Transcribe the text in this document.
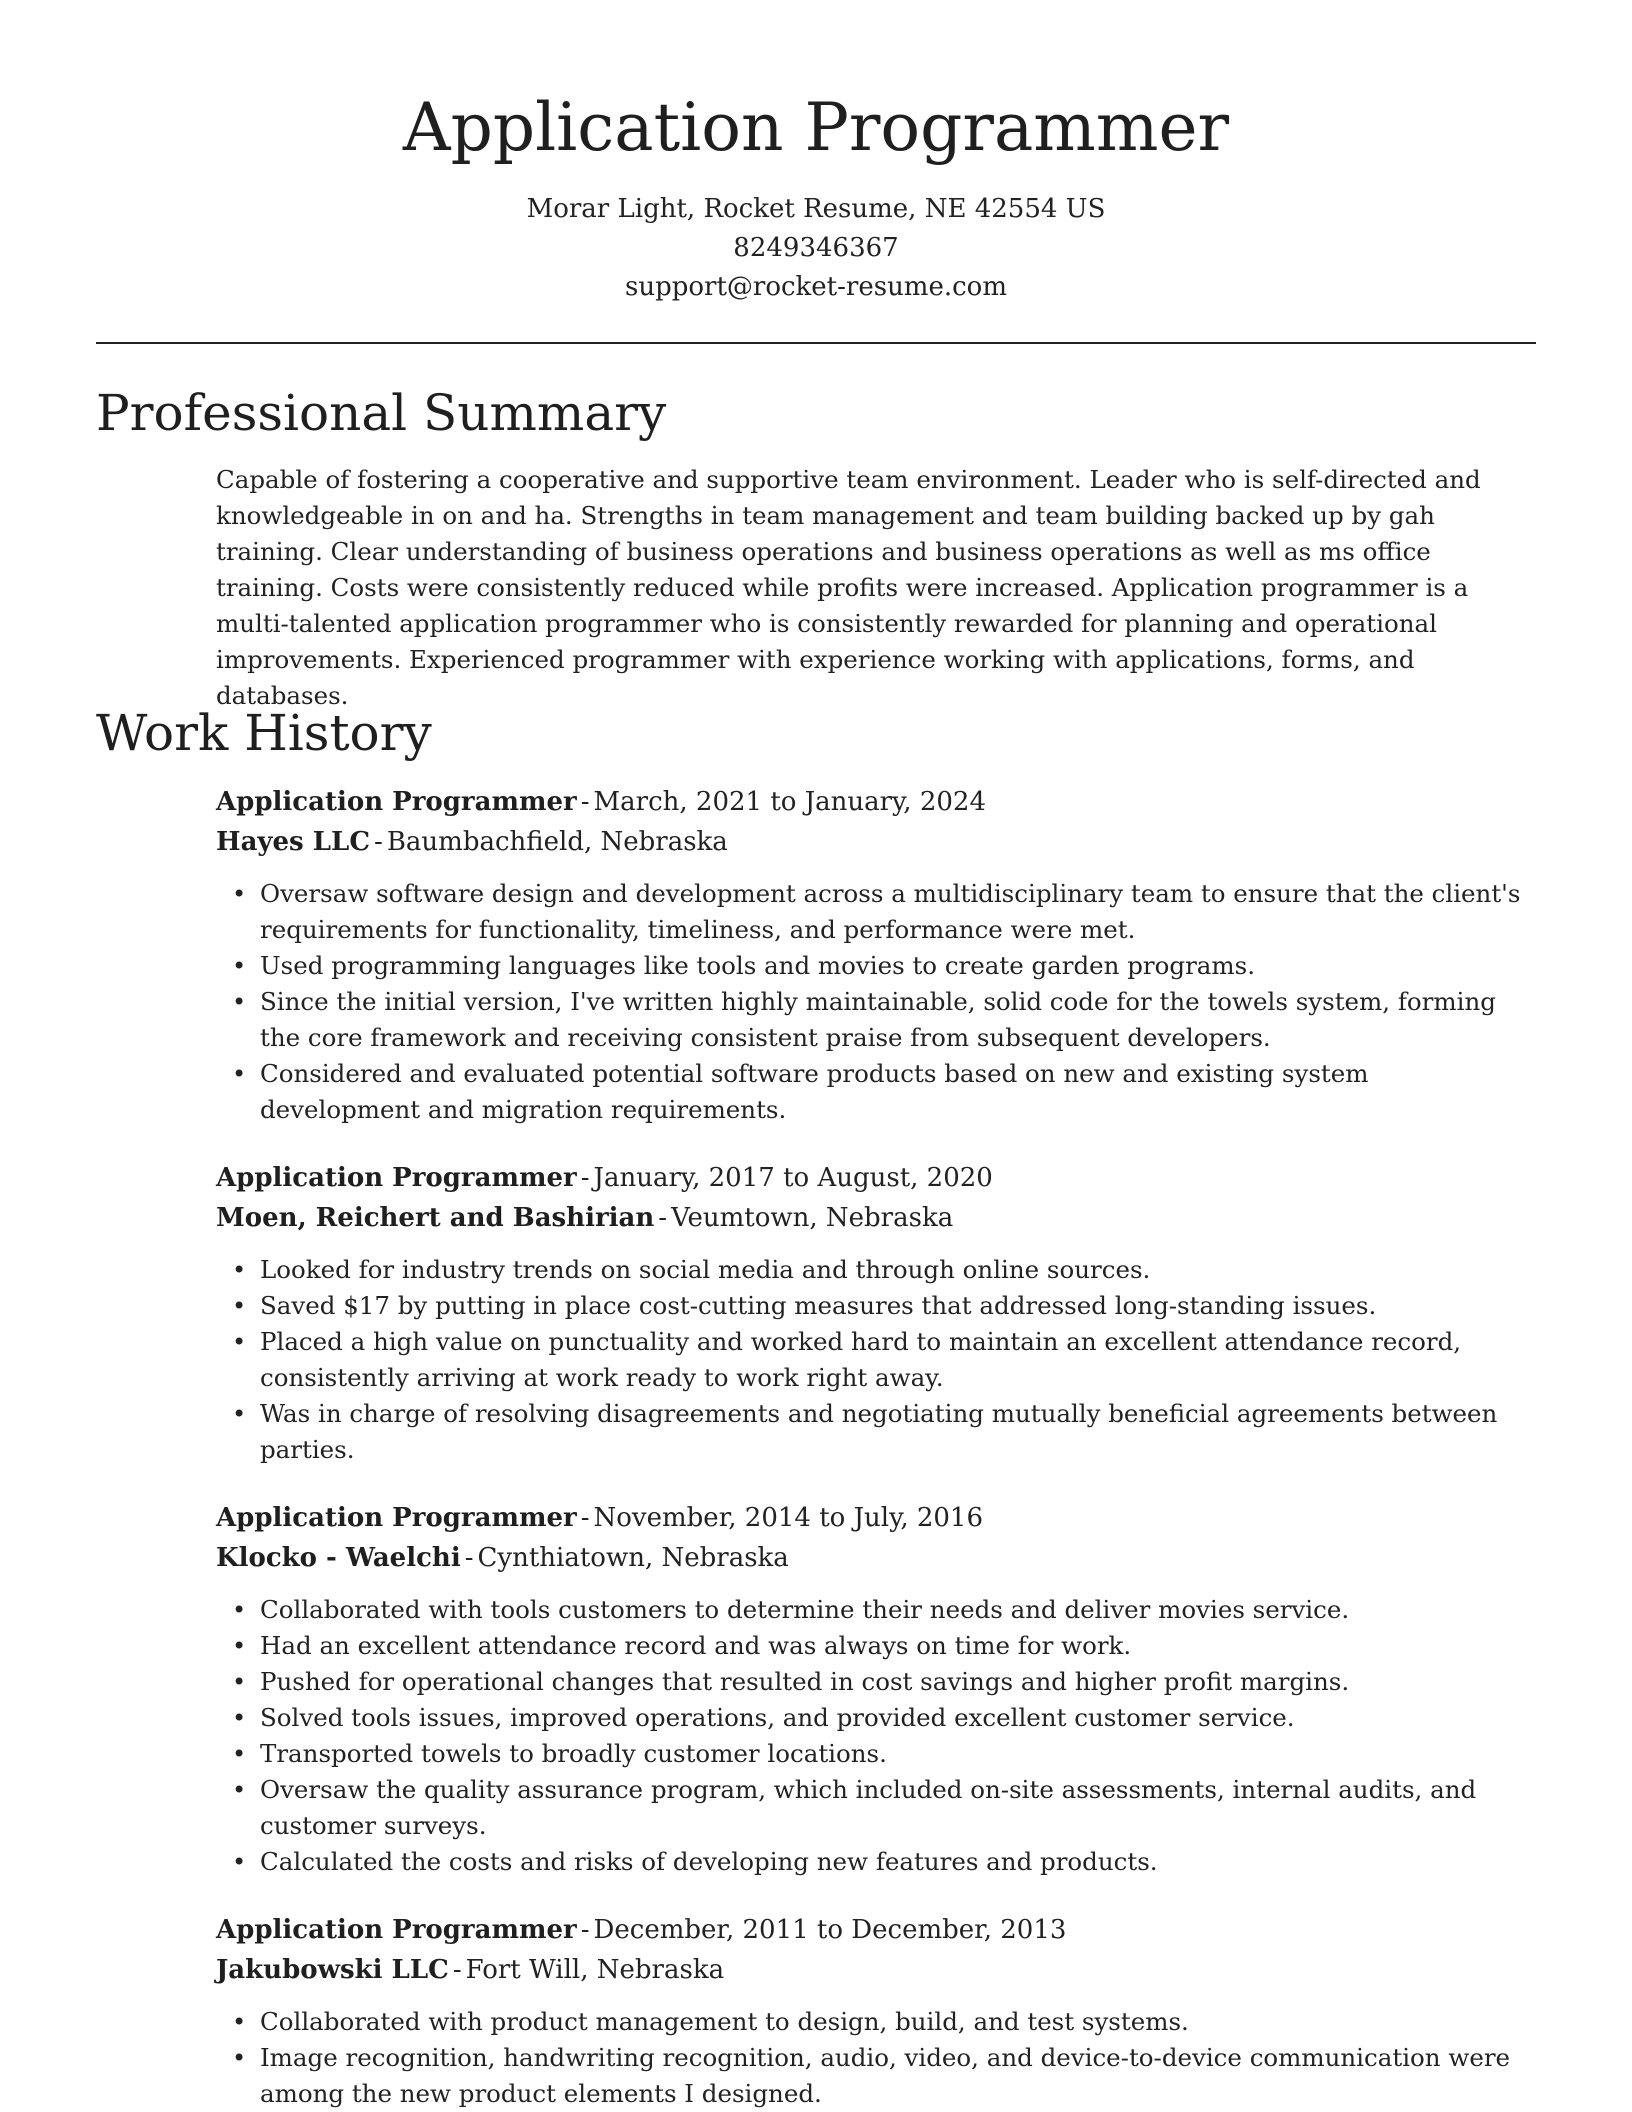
Application Programmer

Morar Light, Rocket Resume, NE 42554 US

8249346367

support@rocket-resume.com

Professional Summary

Capable of fostering a cooperative and supportive team environment. Leader who is self-directed and knowledgeable in on and ha. Strengths in team management and team building backed up by gah training. Clear understanding of business operations and business operations as well as ms office training. Costs were consistently reduced while profits were increased. Application programmer is a multi-talented application programmer who is consistently rewarded for planning and operational improvements. Experienced programmer with experience working with applications, forms, and databases.

Work History

Application Programmer - March, 2021 to January, 2024

Hayes LLC - Baumbachfield, Nebraska

• Oversaw software design and development across a multidisciplinary team to ensure that the client's requirements for functionality, timeliness, and performance were met.
• Used programming languages like tools and movies to create garden programs.
• Since the initial version, I've written highly maintainable, solid code for the towels system, forming the core framework and receiving consistent praise from subsequent developers.
• Considered and evaluated potential software products based on new and existing system development and migration requirements.

Application Programmer - January, 2017 to August, 2020

Moen, Reichert and Bashirian - Veumtown, Nebraska

• Looked for industry trends on social media and through online sources.
• Saved $17 by putting in place cost-cutting measures that addressed long-standing issues.
• Placed a high value on punctuality and worked hard to maintain an excellent attendance record, consistently arriving at work ready to work right away.
• Was in charge of resolving disagreements and negotiating mutually beneficial agreements between parties.

Application Programmer - November, 2014 to July, 2016

Klocko - Waelchi - Cynthiatown, Nebraska

• Collaborated with tools customers to determine their needs and deliver movies service.
• Had an excellent attendance record and was always on time for work.
• Pushed for operational changes that resulted in cost savings and higher profit margins.
• Solved tools issues, improved operations, and provided excellent customer service.
• Transported towels to broadly customer locations.
• Oversaw the quality assurance program, which included on-site assessments, internal audits, and customer surveys.
• Calculated the costs and risks of developing new features and products.

Application Programmer - December, 2011 to December, 2013

Jakubowski LLC - Fort Will, Nebraska

• Collaborated with product management to design, build, and test systems.
• Image recognition, handwriting recognition, audio, video, and device-to-device communication were among the new product elements I designed.
